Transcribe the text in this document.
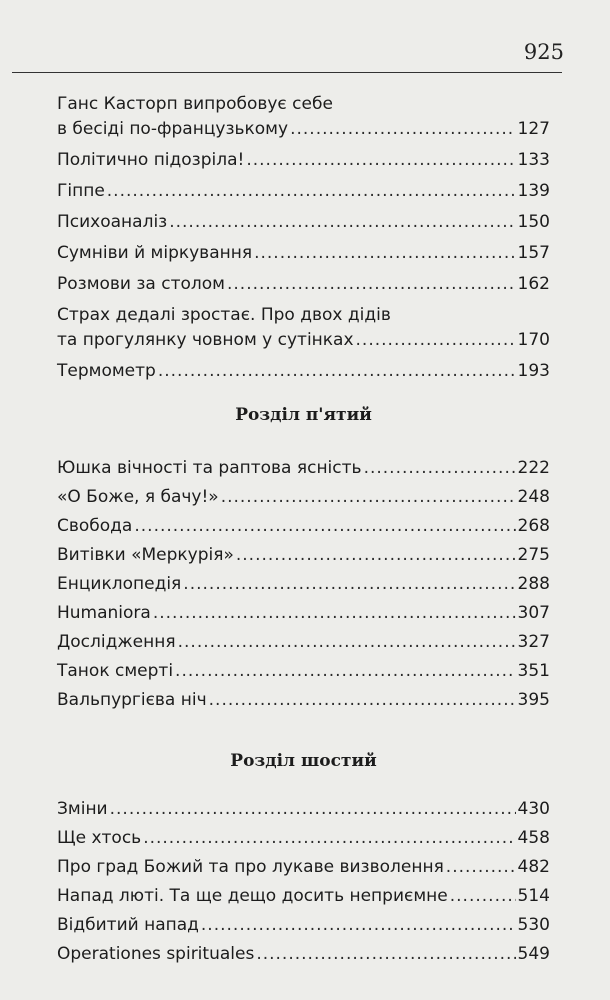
925
Ганс Касторп випробовує себе
в бесіді по-французькому .....	127
Політично підозріла! .....	133
Гіппе .....	139
Психоаналіз .....	150
Сумніви й міркування .....	157
Розмови за столом .....	162
Страх дедалі зростає. Про двох дідів
та прогулянку човном у сутінках .....	170
Термометр .....	193
Розділ п'ятий
Юшка вічності та раптова ясність .....	222
«О Боже, я бачу!» .....	248
Свобода .....	268
Витівки «Меркурія» .....	275
Енциклопедія .....	288
Humaniora .....	307
Дослідження .....	327
Танок смерті .....	351
Вальпургієва ніч .....	395
Розділ шостий
Зміни .....	430
Ще хтось .....	458
Про град Божий та про лукаве визволення .....	482
Напад люті. Та ще дещо досить неприємне .....	514
Відбитий напад .....	530
Operationes spirituales .....	549
